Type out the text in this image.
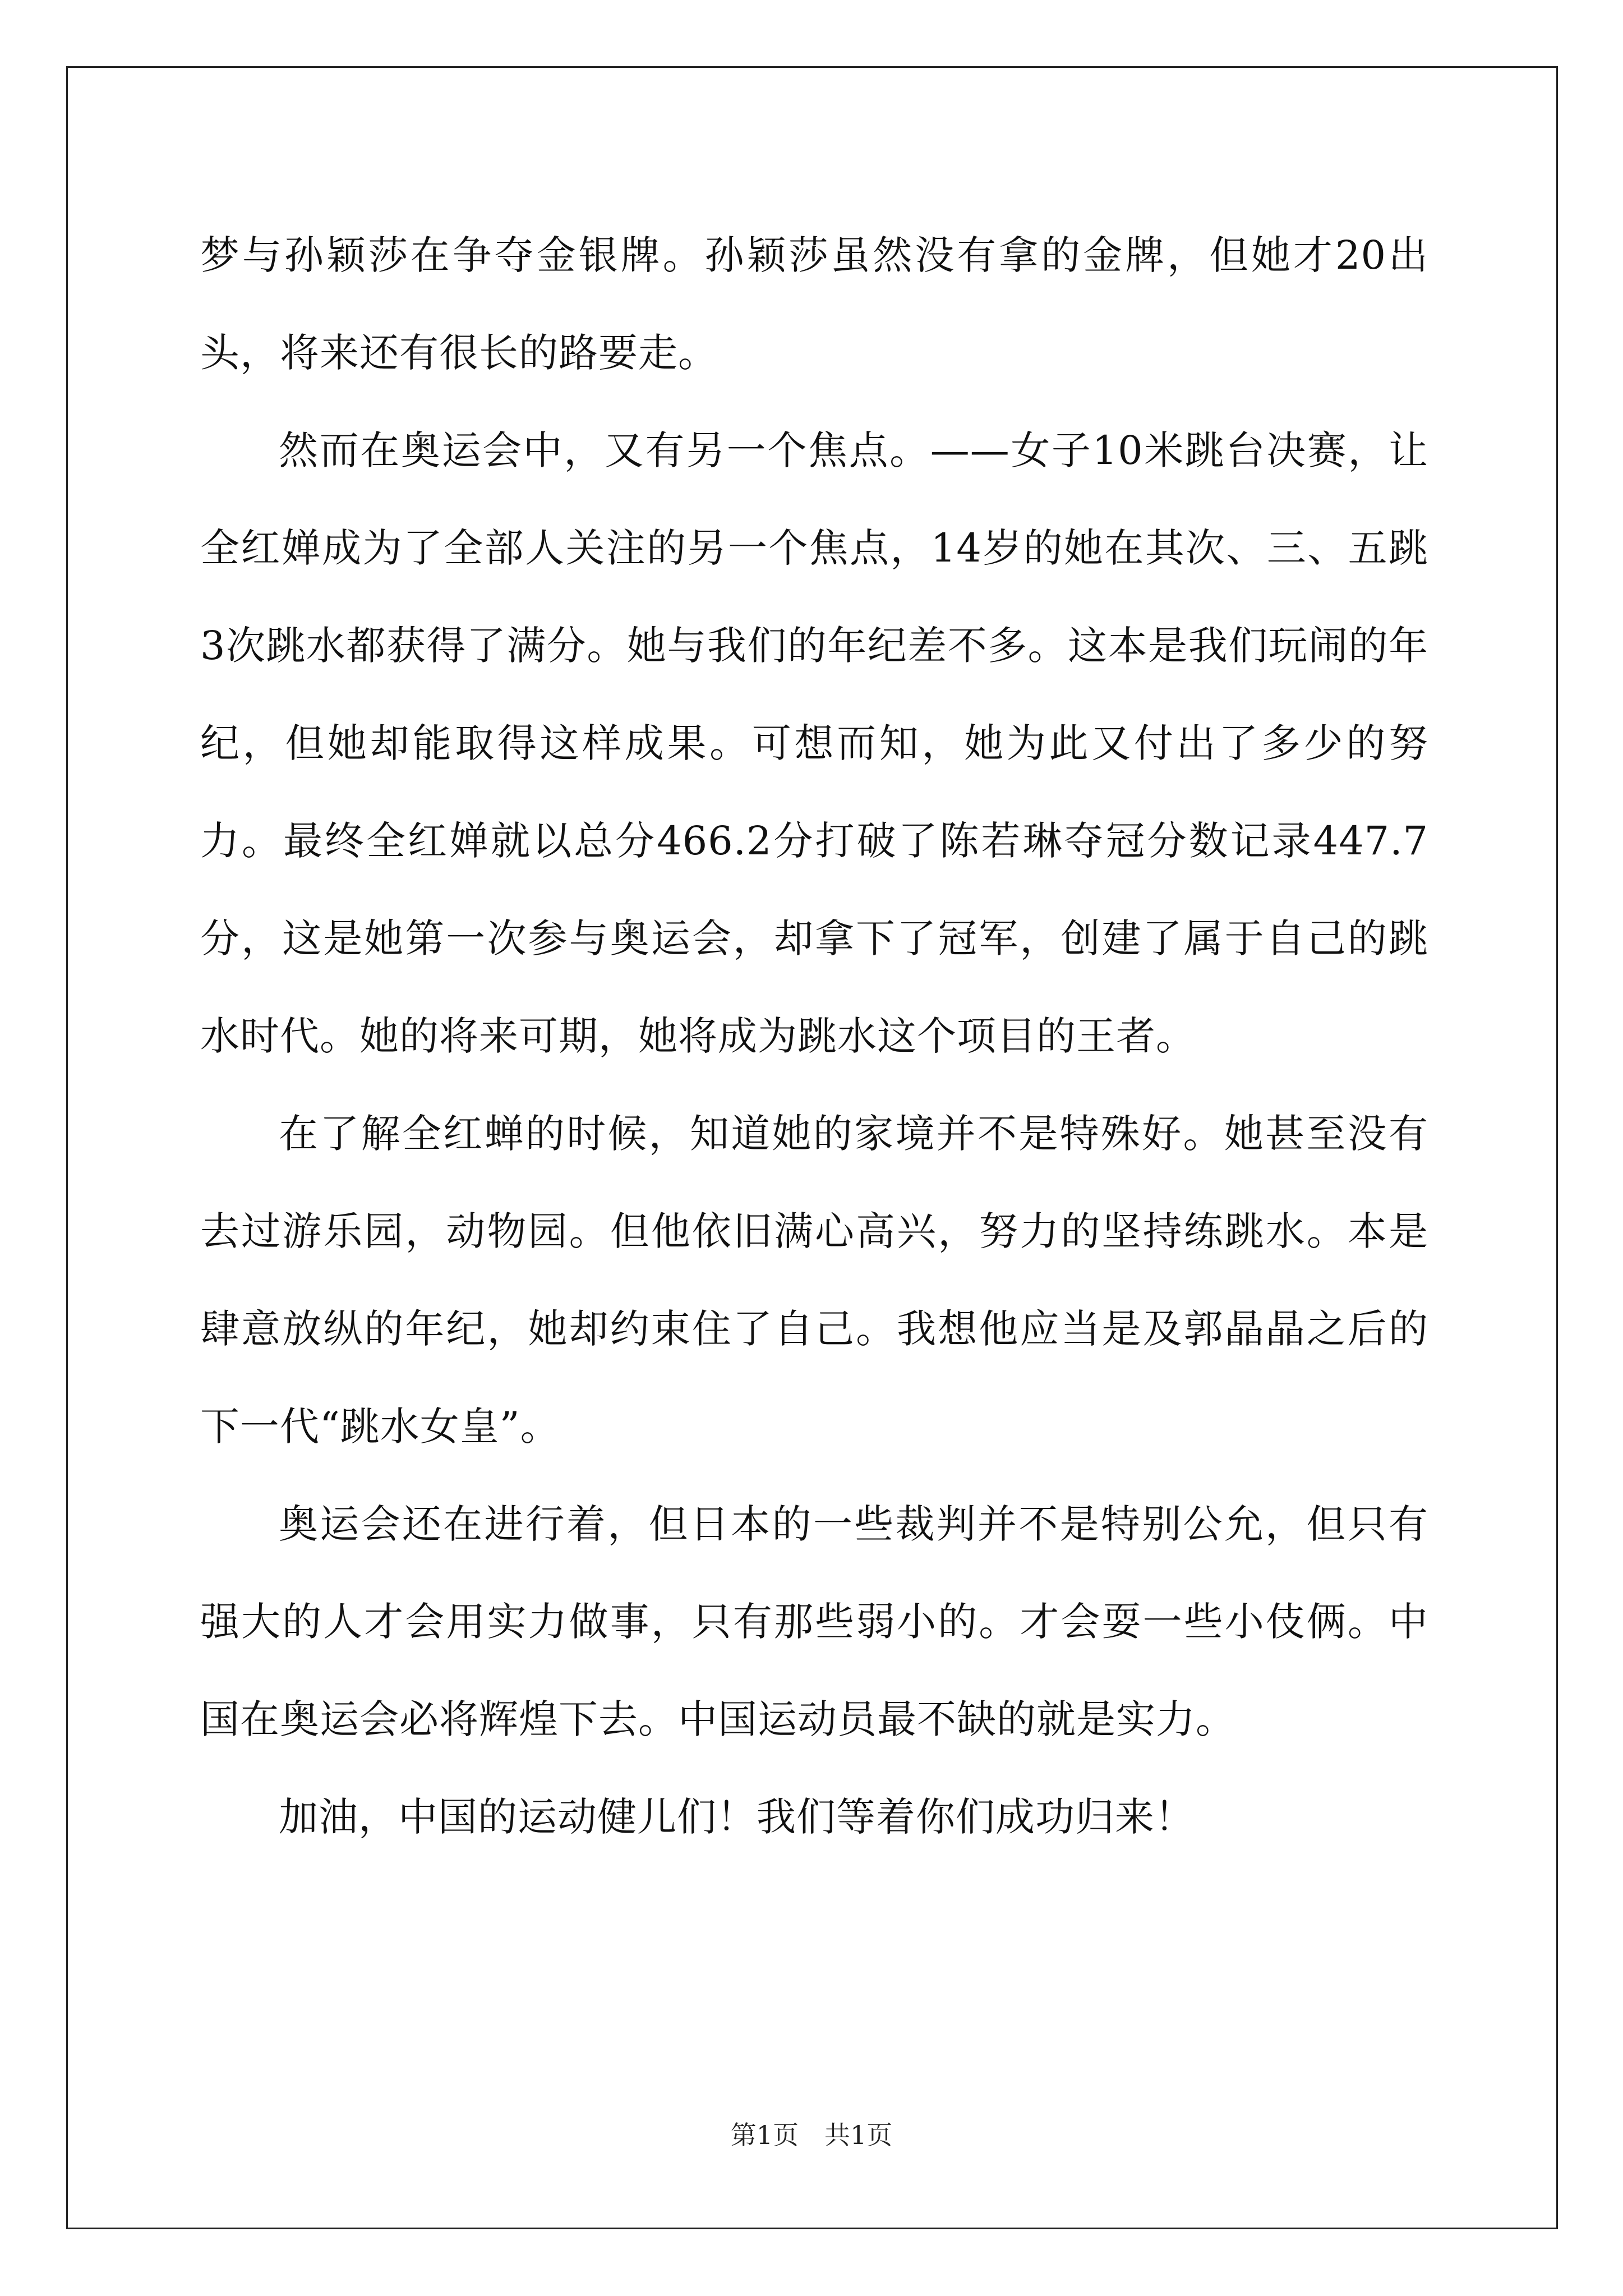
梦与孙颖莎在争夺金银牌。孙颖莎虽然没有拿的金牌，但她才20出头，将来还有很长的路要走。

然而在奥运会中，又有另一个焦点。——女子10米跳台决赛，让全红婵成为了全部人关注的另一个焦点，14岁的她在其次、三、五跳3次跳水都获得了满分。她与我们的年纪差不多。这本是我们玩闹的年纪，但她却能取得这样成果。可想而知，她为此又付出了多少的努力。最终全红婵就以总分466.2分打破了陈若琳夺冠分数记录447.7分，这是她第一次参与奥运会，却拿下了冠军，创建了属于自己的跳水时代。她的将来可期，她将成为跳水这个项目的王者。

在了解全红蝉的时候，知道她的家境并不是特殊好。她甚至没有去过游乐园，动物园。但他依旧满心高兴，努力的坚持练跳水。本是肆意放纵的年纪，她却约束住了自己。我想他应当是及郭晶晶之后的下一代“跳水女皇”。

奥运会还在进行着，但日本的一些裁判并不是特别公允，但只有强大的人才会用实力做事，只有那些弱小的。才会耍一些小伎俩。中国在奥运会必将辉煌下去。中国运动员最不缺的就是实力。

加油，中国的运动健儿们！我们等着你们成功归来！

第1页 共1页
